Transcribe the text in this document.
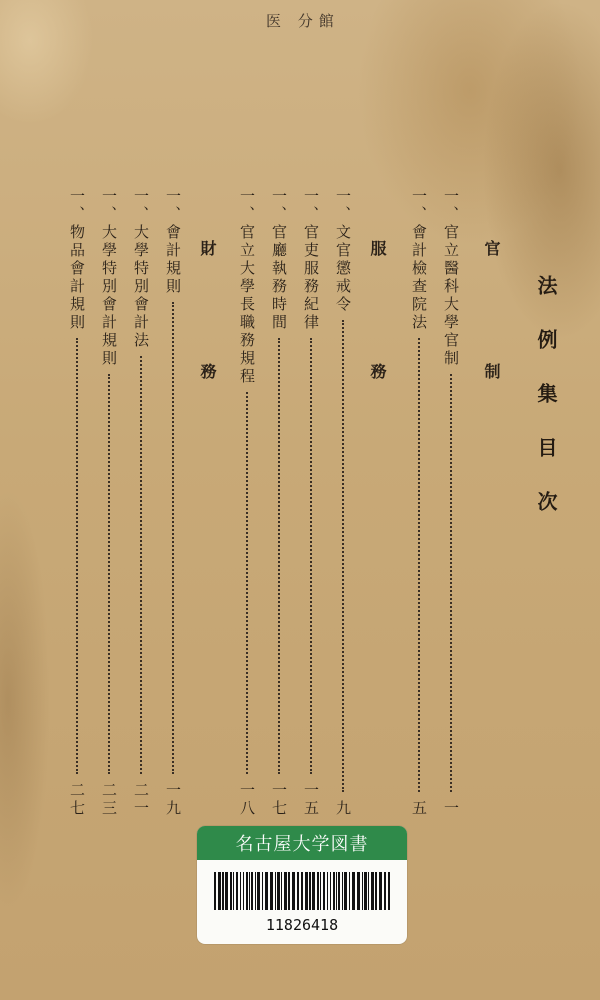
医 分館
法例集目次
官 制
一、官立醫科大學官制
一
一、會計檢查院法
五
服 務
一、文官懲戒令
九
一、官吏服務紀律
一五
一、官廳執務時間
一七
一、官立大學長職務規程
一八
財 務
一、會計規則
一九
一、大學特別會計法
二一
一、大學特別會計規則
二三
一、物品會計規則
二七
名古屋大学図書
11826418
